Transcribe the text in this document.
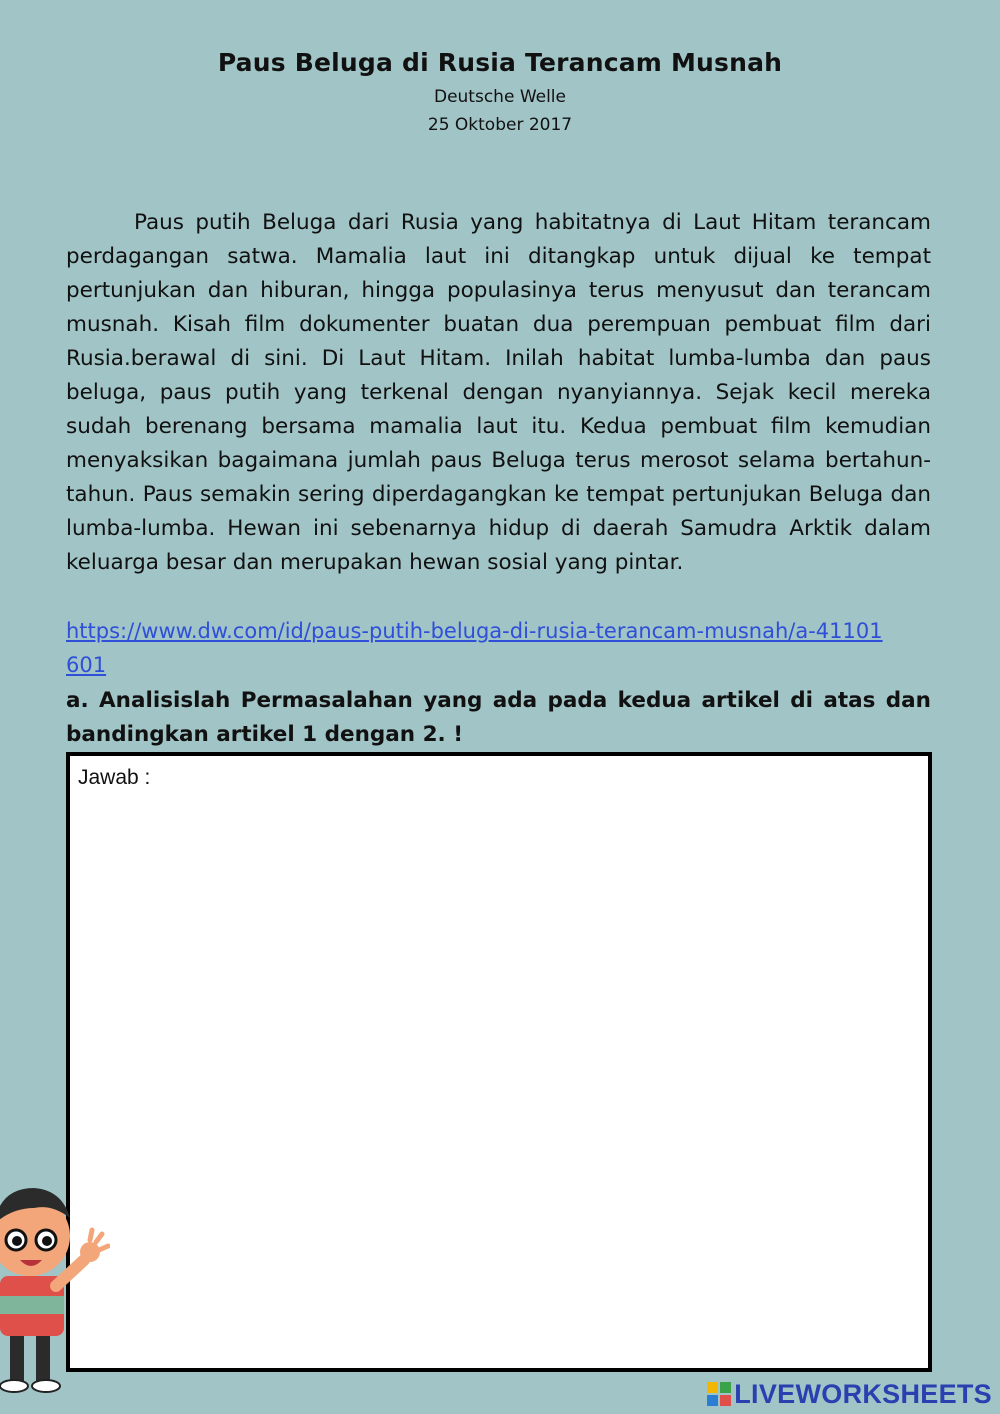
Paus Beluga di Rusia Terancam Musnah
Deutsche Welle
25 Oktober 2017

Paus putih Beluga dari Rusia yang habitatnya di Laut Hitam terancam perdagangan satwa. Mamalia laut ini ditangkap untuk dijual ke tempat pertunjukan dan hiburan, hingga populasinya terus menyusut dan terancam musnah. Kisah film dokumenter buatan dua perempuan pembuat film dari Rusia.berawal di sini. Di Laut Hitam. Inilah habitat lumba-lumba dan paus beluga, paus putih yang terkenal dengan nyanyiannya. Sejak kecil mereka sudah berenang bersama mamalia laut itu. Kedua pembuat film kemudian menyaksikan bagaimana jumlah paus Beluga terus merosot selama bertahun-tahun. Paus semakin sering diperdagangkan ke tempat pertunjukan Beluga dan lumba-lumba. Hewan ini sebenarnya hidup di daerah Samudra Arktik dalam keluarga besar dan merupakan hewan sosial yang pintar.

https://www.dw.com/id/paus-putih-beluga-di-rusia-terancam-musnah/a-41101601

a. Analisislah Permasalahan yang ada pada kedua artikel di atas dan bandingkan artikel 1 dengan 2. !

Jawab :
LIVEWORKSHEETS
